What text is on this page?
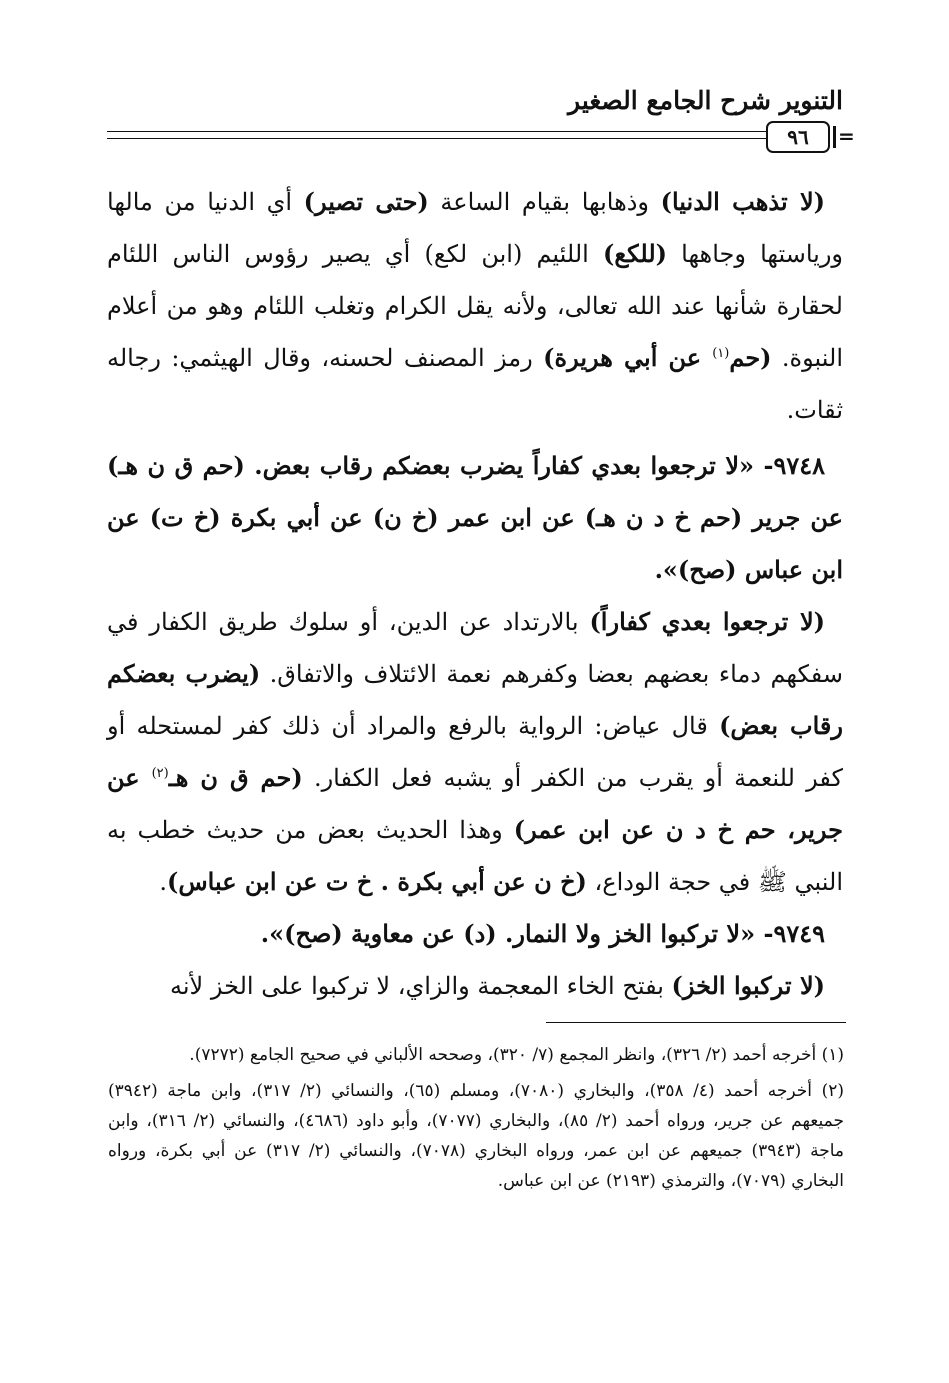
التنوير شرح الجامع الصغير
٩٦ =

(لا تذهب الدنيا) وذهابها بقيام الساعة (حتى تصير) أي الدنيا من مالها ورياستها وجاهها (للكع) اللئيم (ابن لكع) أي يصير رؤوس الناس اللئام لحقارة شأنها عند الله تعالى، ولأنه يقل الكرام وتغلب اللئام وهو من أعلام النبوة. (حم$^{(١)}$ عن أبي هريرة) رمز المصنف لحسنه، وقال الهيثمي: رجاله ثقات.

٩٧٤٨- «لا ترجعوا بعدي كفاراً يضرب بعضكم رقاب بعض. (حم ق ن هـ) عن جرير (حم خ د ن هـ) عن ابن عمر (خ ن) عن أبي بكرة (خ ت) عن ابن عباس (صح)».

(لا ترجعوا بعدي كفاراً) بالارتداد عن الدين، أو سلوك طريق الكفار في سفكهم دماء بعضهم بعضا وكفرهم نعمة الائتلاف والاتفاق. (يضرب بعضكم رقاب بعض) قال عياض: الرواية بالرفع والمراد أن ذلك كفر لمستحله أو كفر للنعمة أو يقرب من الكفر أو يشبه فعل الكفار. (حم ق ن هـ$^{(٢)}$ عن جرير، حم خ د ن عن ابن عمر) وهذا الحديث بعض من حديث خطب به النبي ﷺ في حجة الوداع، (خ ن عن أبي بكرة . خ ت عن ابن عباس).

٩٧٤٩- «لا تركبوا الخز ولا النمار. (د) عن معاوية (صح)».

(لا تركبوا الخز) بفتح الخاء المعجمة والزاي، لا تركبوا على الخز لأنه

(١) أخرجه أحمد (٢/ ٣٢٦)، وانظر المجمع (٧/ ٣٢٠)، وصححه الألباني في صحيح الجامع (٧٢٧٢).

(٢) أخرجه أحمد (٤/ ٣٥٨)، والبخاري (٧٠٨٠)، ومسلم (٦٥)، والنسائي (٢/ ٣١٧)، وابن ماجة (٣٩٤٢) جميعهم عن جرير، ورواه أحمد (٢/ ٨٥)، والبخاري (٧٠٧٧)، وأبو داود (٤٦٨٦)، والنسائي (٢/ ٣١٦)، وابن ماجة (٣٩٤٣) جميعهم عن ابن عمر، ورواه البخاري (٧٠٧٨)، والنسائي (٢/ ٣١٧) عن أبي بكرة، ورواه البخاري (٧٠٧٩)، والترمذي (٢١٩٣) عن ابن عباس.
